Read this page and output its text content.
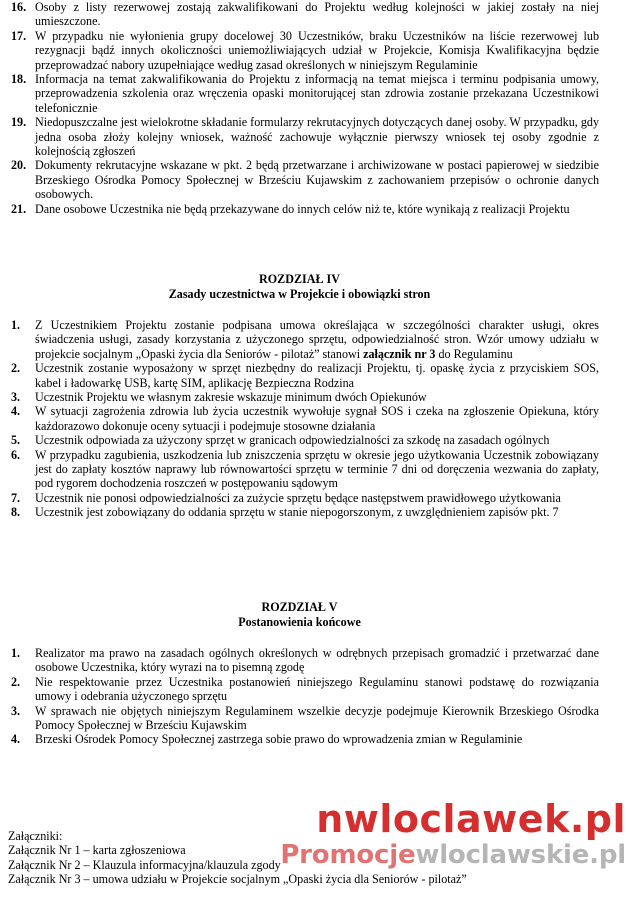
16. Osoby z listy rezerwowej zostają zakwalifikowani do Projektu według kolejności w jakiej zostały na niej umieszczone.
17. W przypadku nie wyłonienia grupy docelowej 30 Uczestników, braku Uczestników na liście rezerwowej lub rezygnacji bądź innych okoliczności uniemożliwiających udział w Projekcie, Komisja Kwalifikacyjna będzie przeprowadzać nabory uzupełniające według zasad określonych w niniejszym Regulaminie
18. Informacja na temat zakwalifikowania do Projektu z informacją na temat miejsca i terminu podpisania umowy, przeprowadzenia szkolenia oraz wręczenia opaski monitorującej stan zdrowia zostanie przekazana Uczestnikowi telefonicznie
19. Niedopuszczalne jest wielokrotne składanie formularzy rekrutacyjnych dotyczących danej osoby. W przypadku, gdy jedna osoba złoży kolejny wniosek, ważność zachowuje wyłącznie pierwszy wniosek tej osoby zgodnie z kolejnością zgłoszeń
20. Dokumenty rekrutacyjne wskazane w pkt. 2 będą przetwarzane i archiwizowane w postaci papierowej w siedzibie Brzeskiego Ośrodka Pomocy Społecznej w Brześciu Kujawskim z zachowaniem przepisów o ochronie danych osobowych.
21. Dane osobowe Uczestnika nie będą przekazywane do innych celów niż te, które wynikają z realizacji Projektu
ROZDZIAŁ IV
Zasady uczestnictwa w Projekcie i obowiązki stron
1. Z Uczestnikiem Projektu zostanie podpisana umowa określająca w szczególności charakter usługi, okres świadczenia usługi, zasady korzystania z użyczonego sprzętu, odpowiedzialność stron. Wzór umowy udziału w projekcie socjalnym „Opaski życia dla Seniorów - pilotaż” stanowi załącznik nr 3 do Regulaminu
2. Uczestnik zostanie wyposażony w sprzęt niezbędny do realizacji Projektu, tj. opaskę życia z przyciskiem SOS, kabel i ładowarkę USB, kartę SIM, aplikację Bezpieczna Rodzina
3. Uczestnik Projektu we własnym zakresie wskazuje minimum dwóch Opiekunów
4. W sytuacji zagrożenia zdrowia lub życia uczestnik wywołuje sygnał SOS i czeka na zgłoszenie Opiekuna, który każdorazowo dokonuje oceny sytuacji i podejmuje stosowne działania
5. Uczestnik odpowiada za użyczony sprzęt w granicach odpowiedzialności za szkodę na zasadach ogólnych
6. W przypadku zagubienia, uszkodzenia lub zniszczenia sprzętu w okresie jego użytkowania Uczestnik zobowiązany jest do zapłaty kosztów naprawy lub równowartości sprzętu w terminie 7 dni od doręczenia wezwania do zapłaty, pod rygorem dochodzenia roszczeń w postępowaniu sądowym
7. Uczestnik nie ponosi odpowiedzialności za zużycie sprzętu będące następstwem prawidłowego użytkowania
8. Uczestnik jest zobowiązany do oddania sprzętu w stanie niepogorszonym, z uwzględnieniem zapisów pkt. 7
ROZDZIAŁ V
Postanowienia końcowe
1. Realizator ma prawo na zasadach ogólnych określonych w odrębnych przepisach gromadzić i przetwarzać dane osobowe Uczestnika, który wyrazi na to pisemną zgodę
2. Nie respektowanie przez Uczestnika postanowień niniejszego Regulaminu stanowi podstawę do rozwiązania umowy i odebrania użyczonego sprzętu
3. W sprawach nie objętych niniejszym Regulaminem wszelkie decyzje podejmuje Kierownik Brzeskiego Ośrodka Pomocy Społecznej w Brześciu Kujawskim
4. Brzeski Ośrodek Pomocy Społecznej zastrzega sobie prawo do wprowadzenia zmian w Regulaminie
Załączniki:
Załącznik Nr 1 – karta zgłoszeniowa
Załącznik Nr 2 – Klauzula informacyjna/klauzula zgody
Załącznik Nr 3 – umowa udziału w Projekcie socjalnym „Opaski życia dla Seniorów - pilotaż”
nwloclawek.pl
Promocjewloclawskie.pl
